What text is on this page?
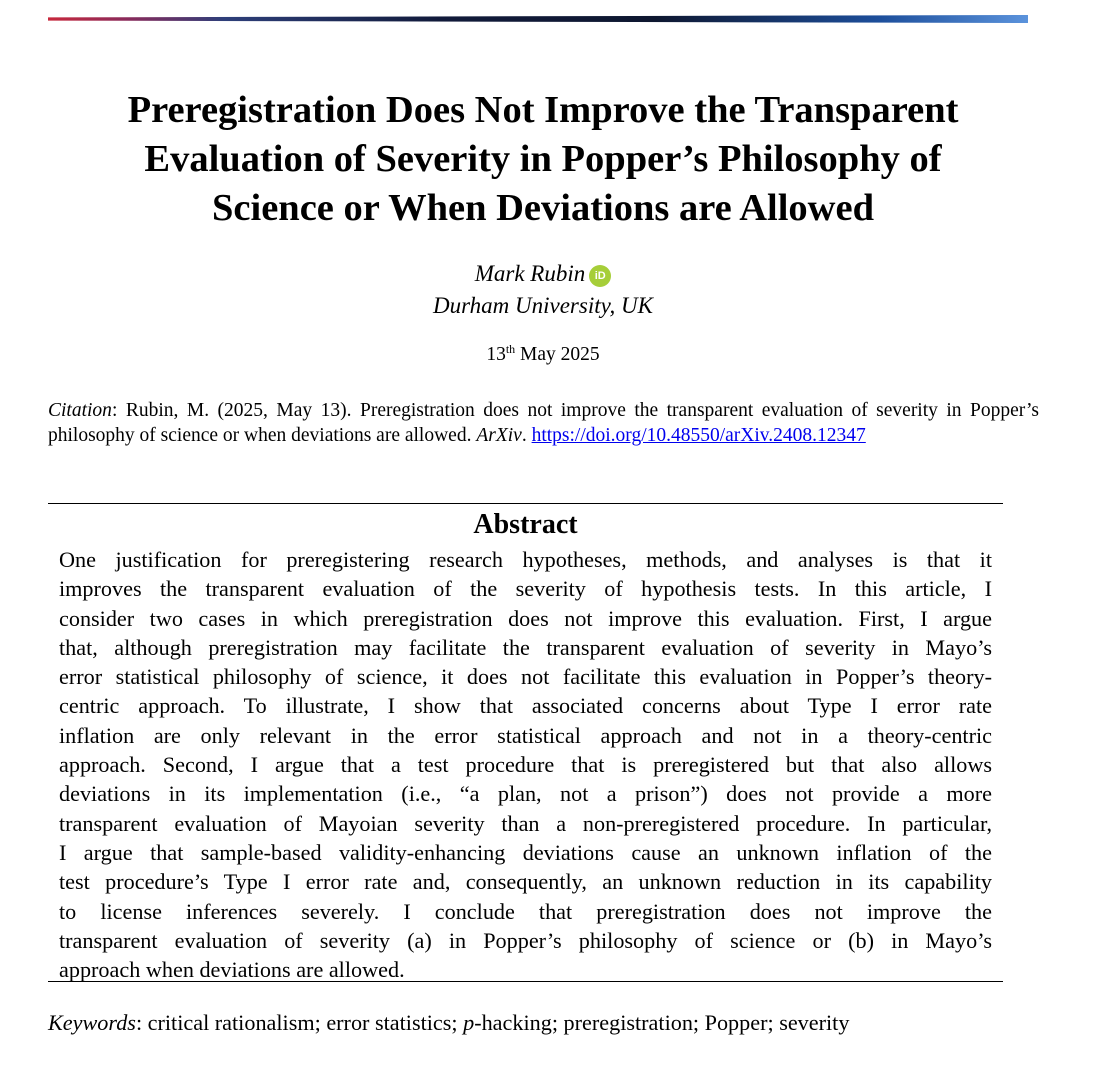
Preregistration Does Not Improve the Transparent
Evaluation of Severity in Popper’s Philosophy of
Science or When Deviations are Allowed
Mark Rubin iD
Durham University, UK
13th May 2025
Citation: Rubin, M. (2025, May 13). Preregistration does not improve the transparent evaluation of severity in Popper’s philosophy of science or when deviations are allowed. ArXiv. https://doi.org/10.48550/arXiv.2408.12347
Abstract
One justification for preregistering research hypotheses, methods, and analyses is that it
improves the transparent evaluation of the severity of hypothesis tests. In this article, I
consider two cases in which preregistration does not improve this evaluation. First, I argue
that, although preregistration may facilitate the transparent evaluation of severity in Mayo’s
error statistical philosophy of science, it does not facilitate this evaluation in Popper’s theory-
centric approach. To illustrate, I show that associated concerns about Type I error rate
inflation are only relevant in the error statistical approach and not in a theory-centric
approach. Second, I argue that a test procedure that is preregistered but that also allows
deviations in its implementation (i.e., “a plan, not a prison”) does not provide a more
transparent evaluation of Mayoian severity than a non-preregistered procedure. In particular,
I argue that sample-based validity-enhancing deviations cause an unknown inflation of the
test procedure’s Type I error rate and, consequently, an unknown reduction in its capability
to license inferences severely. I conclude that preregistration does not improve the
transparent evaluation of severity (a) in Popper’s philosophy of science or (b) in Mayo’s
approach when deviations are allowed.
Keywords: critical rationalism; error statistics; p-hacking; preregistration; Popper; severity
